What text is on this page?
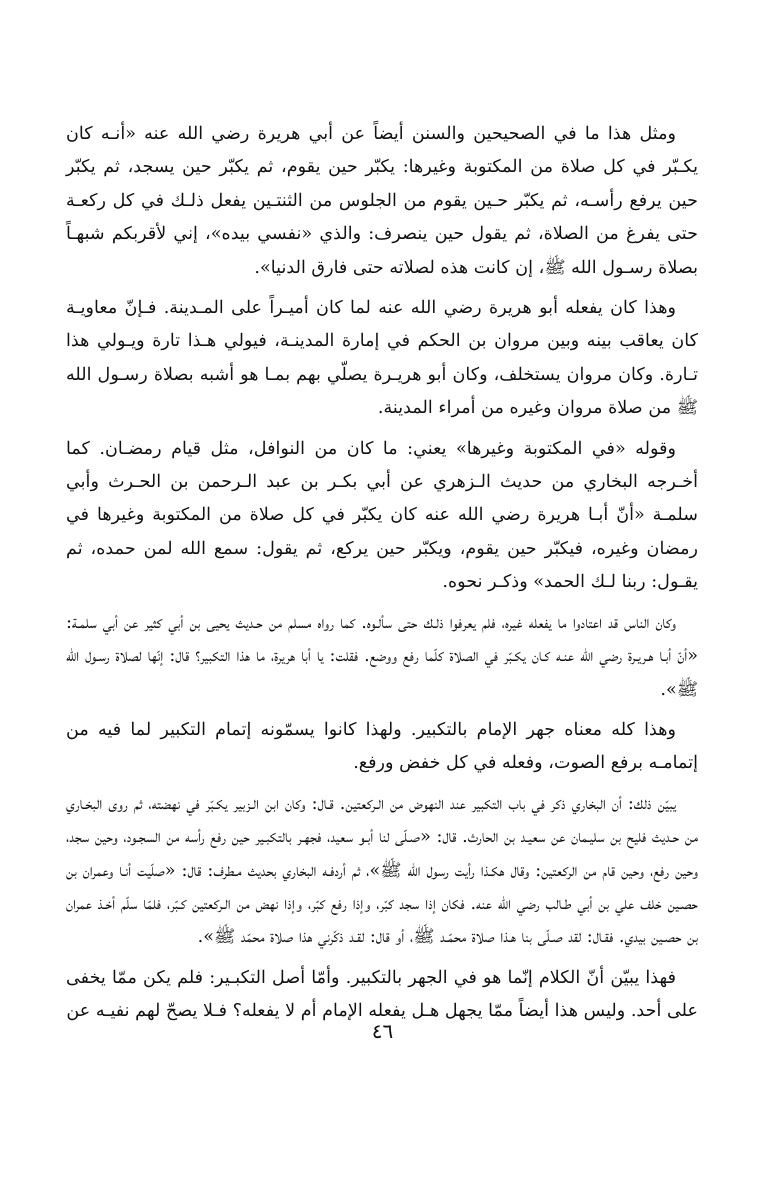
ومثل هذا ما في الصحيحين والسنن أيضاً عن أبي هريرة رضي الله عنه «أنـه كان يكـبّر في كل صلاة من المكتوبة وغيرها: يكبّر حين يقوم، ثم يكبّر حين يسجد، ثم يكبّر حين يرفع رأسـه، ثم يكبّر حـين يقوم من الجلوس من الثنتـين يفعل ذلـك في كل ركعـة حتى يفرغ من الصلاة، ثم يقول حين ينصرف: والذي «نفسي بيده»، إني لأقربكم شبهـاً بصلاة رسـول الله ﷺ، إن كانت هذه لصلاته حتى فارق الدنيا».

وهذا كان يفعله أبو هريرة رضي الله عنه لما كان أميـراً على المـدينة. فـإنّ معاويـة كان يعاقب بينه وبين مروان بن الحكم في إمارة المدينـة، فيولي هـذا تارة ويـولي هذا تـارة. وكان مروان يستخلف، وكان أبو هريـرة يصلّي بهم بمـا هو أشبه بصلاة رسـول الله ﷺ من صلاة مروان وغيره من أمراء المدينة.

وقوله «في المكتوبة وغيرها» يعني: ما كان من النوافل، مثل قيام رمضـان. كما أخـرجه البخاري من حديث الـزهري عن أبي بكـر بن عبد الـرحمن بن الحـرث وأبي سلمـة «أنّ أبـا هريرة رضي الله عنه كان يكبّر في كل صلاة من المكتوبة وغيرها في رمضان وغيره، فيكبّر حين يقوم، ويكبّر حين يركع، ثم يقول: سمع الله لمن حمده، ثم يقـول: ربنا لـك الحمد» وذكـر نحوه.

وكان الناس قد اعتادوا ما يفعله غيره، فلم يعرفوا ذلـك حتى سألـوه. كما رواه مسلم من حـديث يحيى بن أبي كثير عن أبي سلمـة: «أنّ أبـا هـريـرة رضي الله عنـه كـان يكـبّر في الصلاة كلّما رفع ووضع. فقلت: يا أبا هريرة، ما هذا التكبير؟ قال: إنّها لصلاة رسـول الله ﷺ».

وهذا كله معناه جهر الإمام بالتكبير. ولهذا كانوا يسمّونه إتمام التكبير لما فيه من إتمامـه برفع الصوت، وفعله في كل خفض ورفع.

يبيّن ذلك: أن البخاري ذكر في باب التكبير عند النهوض من الـركعتين. قـال: وكان ابن الـزبير يكـبّر في نهضته، ثم روى البخـاري من حـديث فليح بن سليـمان عن سعيـد بن الحارث. قال: «صـلّى لنا أبـو سعيد، فجهـر بالتكبـير حين رفع رأسه من السجـود، وحين سجد، وحين رفع، وحين قام من الركعتين: وقال هكـذا رأيت رسول الله ﷺ»، ثم أردفـه البخاري بحديث مـطرف: قال: «صلّيت أنـا وعمران بن حصـين خلف علي بن أبي طـالب رضي الله عنه. فكان إذا سجد كبّر، وإذا رفع كبّر، وإذا نهض من الـركعتين كـبّر، فلمّا سلّم أخـذ عمران بن حصـين بيدي. فقـال: لقد صـلّى بنا هـذا صلاة محمّـد ﷺ، أو قال: لقـد ذكّرني هذا صلاة محمّد ﷺ».

فهذا يبيّن أنّ الكلام إنّما هو في الجهر بالتكبير. وأمّا أصل التكبـير: فلم يكن ممّا يخفى على أحد. وليس هذا أيضاً ممّا يجهل هـل يفعله الإمام أم لا يفعله؟ فـلا يصحّ لهم نفيـه عن

٤٦
